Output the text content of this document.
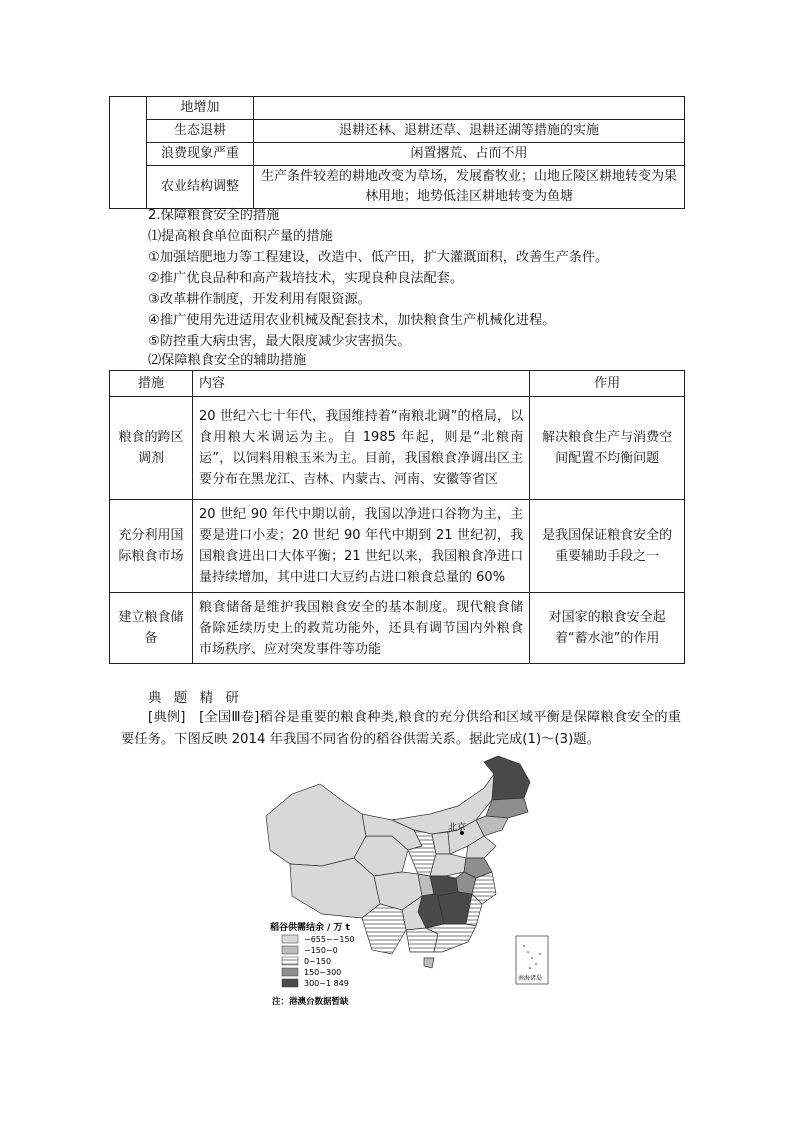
	地增加	
	生态退耕	退耕还林、退耕还草、退耕还湖等措施的实施
	浪费现象严重	闲置撂荒、占而不用
	农业结构调整	生产条件较差的耕地改变为草场，发展畜牧业；山地丘陵区耕地转变为果林用地；地势低洼区耕地转变为鱼塘
2.保障粮食安全的措施
⑴提高粮食单位面积产量的措施
①加强培肥地力等工程建设，改造中、低产田，扩大灌溉面积，改善生产条件。
②推广优良品种和高产栽培技术，实现良种良法配套。
③改革耕作制度，开发利用有限资源。
④推广使用先进适用农业机械及配套技术，加快粮食生产机械化进程。
⑤防控重大病虫害，最大限度减少灾害损失。
⑵保障粮食安全的辅助措施
措施	内容	作用
粮食的跨区调剂	20 世纪六七十年代，我国维持着“南粮北调”的格局，以食用粮大米调运为主。自 1985 年起，则是“北粮南运”，以饲料用粮玉米为主。目前，我国粮食净调出区主要分布在黑龙江、吉林、内蒙古、河南、安徽等省区	解决粮食生产与消费空间配置不均衡问题
充分利用国际粮食市场	20 世纪 90 年代中期以前，我国以净进口谷物为主，主要是进口小麦；20 世纪 90 年代中期到 21 世纪初，我国粮食进出口大体平衡；21 世纪以来，我国粮食净进口量持续增加，其中进口大豆约占进口粮食总量的 60%	是我国保证粮食安全的重要辅助手段之一
建立粮食储备	粮食储备是维护我国粮食安全的基本制度。现代粮食储备除延续历史上的救荒功能外，还具有调节国内外粮食市场秩序、应对突发事件等功能	对国家的粮食安全起着“蓄水池”的作用
典 题 精 研
[典例]　[全国Ⅲ卷]稻谷是重要的粮食种类,粮食的充分供给和区域平衡是保障粮食安全的重要任务。下图反映 2014 年我国不同省份的稻谷供需关系。据此完成(1)～(3)题。
北京
南海诸岛
稻谷供需结余 / 万 t
−655~−150
−150~0
0~150
150~300
300~1 849
注：港澳台数据暂缺
